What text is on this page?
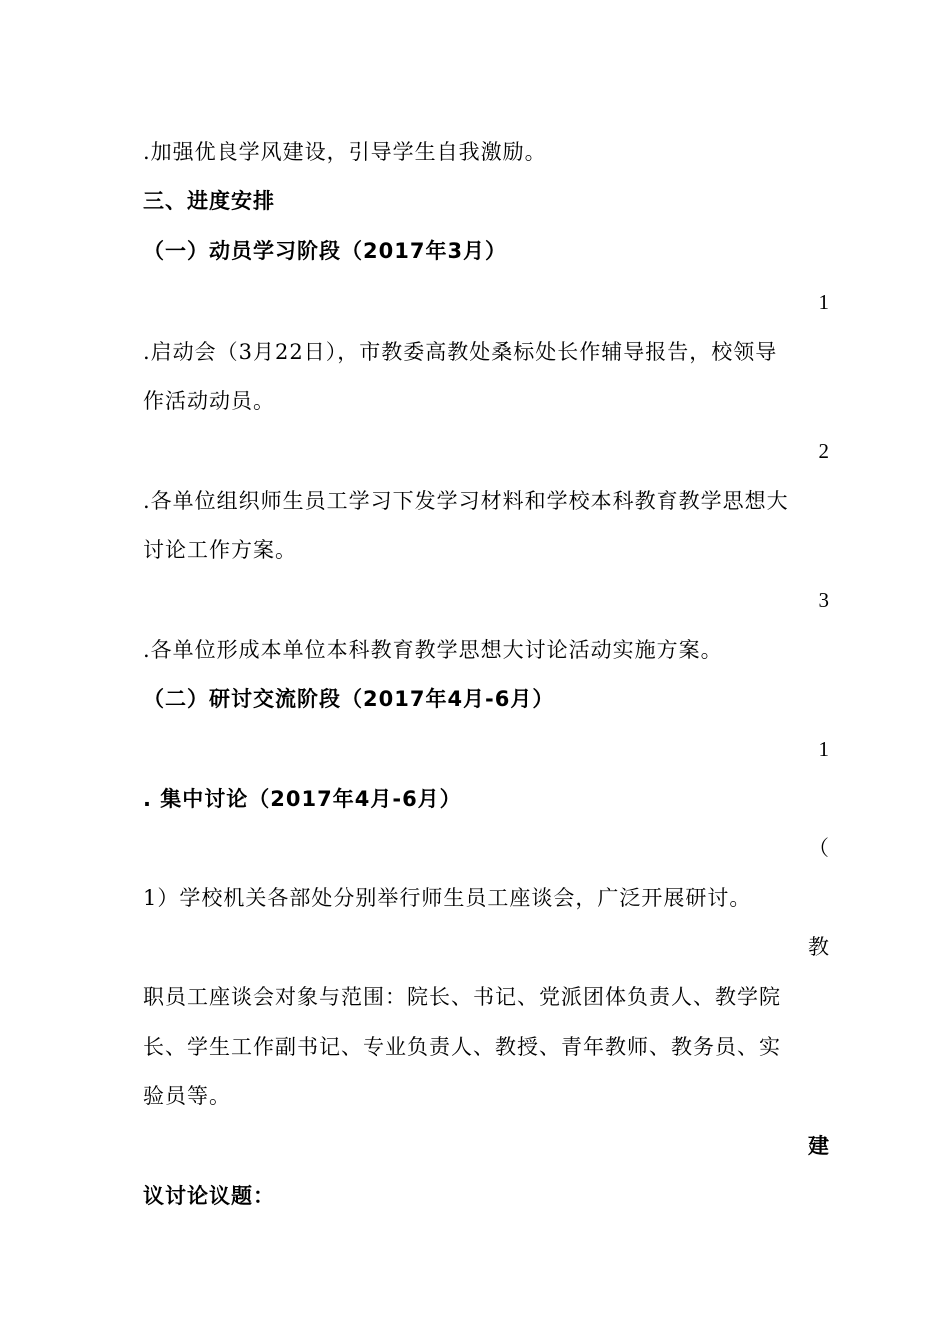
.加强优良学风建设，引导学生自我激励。
三、进度安排
（一）动员学习阶段（2017年3月）
1
.启动会（3月22日），市教委高教处桑标处长作辅导报告，校领导
作活动动员。
2
.各单位组织师生员工学习下发学习材料和学校本科教育教学思想大
讨论工作方案。
3
.各单位形成本单位本科教育教学思想大讨论活动实施方案。
（二）研讨交流阶段（2017年4月-6月）
1
. 集中讨论（2017年4月-6月）
（
1）学校机关各部处分别举行师生员工座谈会，广泛开展研讨。
教
职员工座谈会对象与范围：院长、书记、党派团体负责人、教学院
长、学生工作副书记、专业负责人、教授、青年教师、教务员、实
验员等。
建
议讨论议题：
